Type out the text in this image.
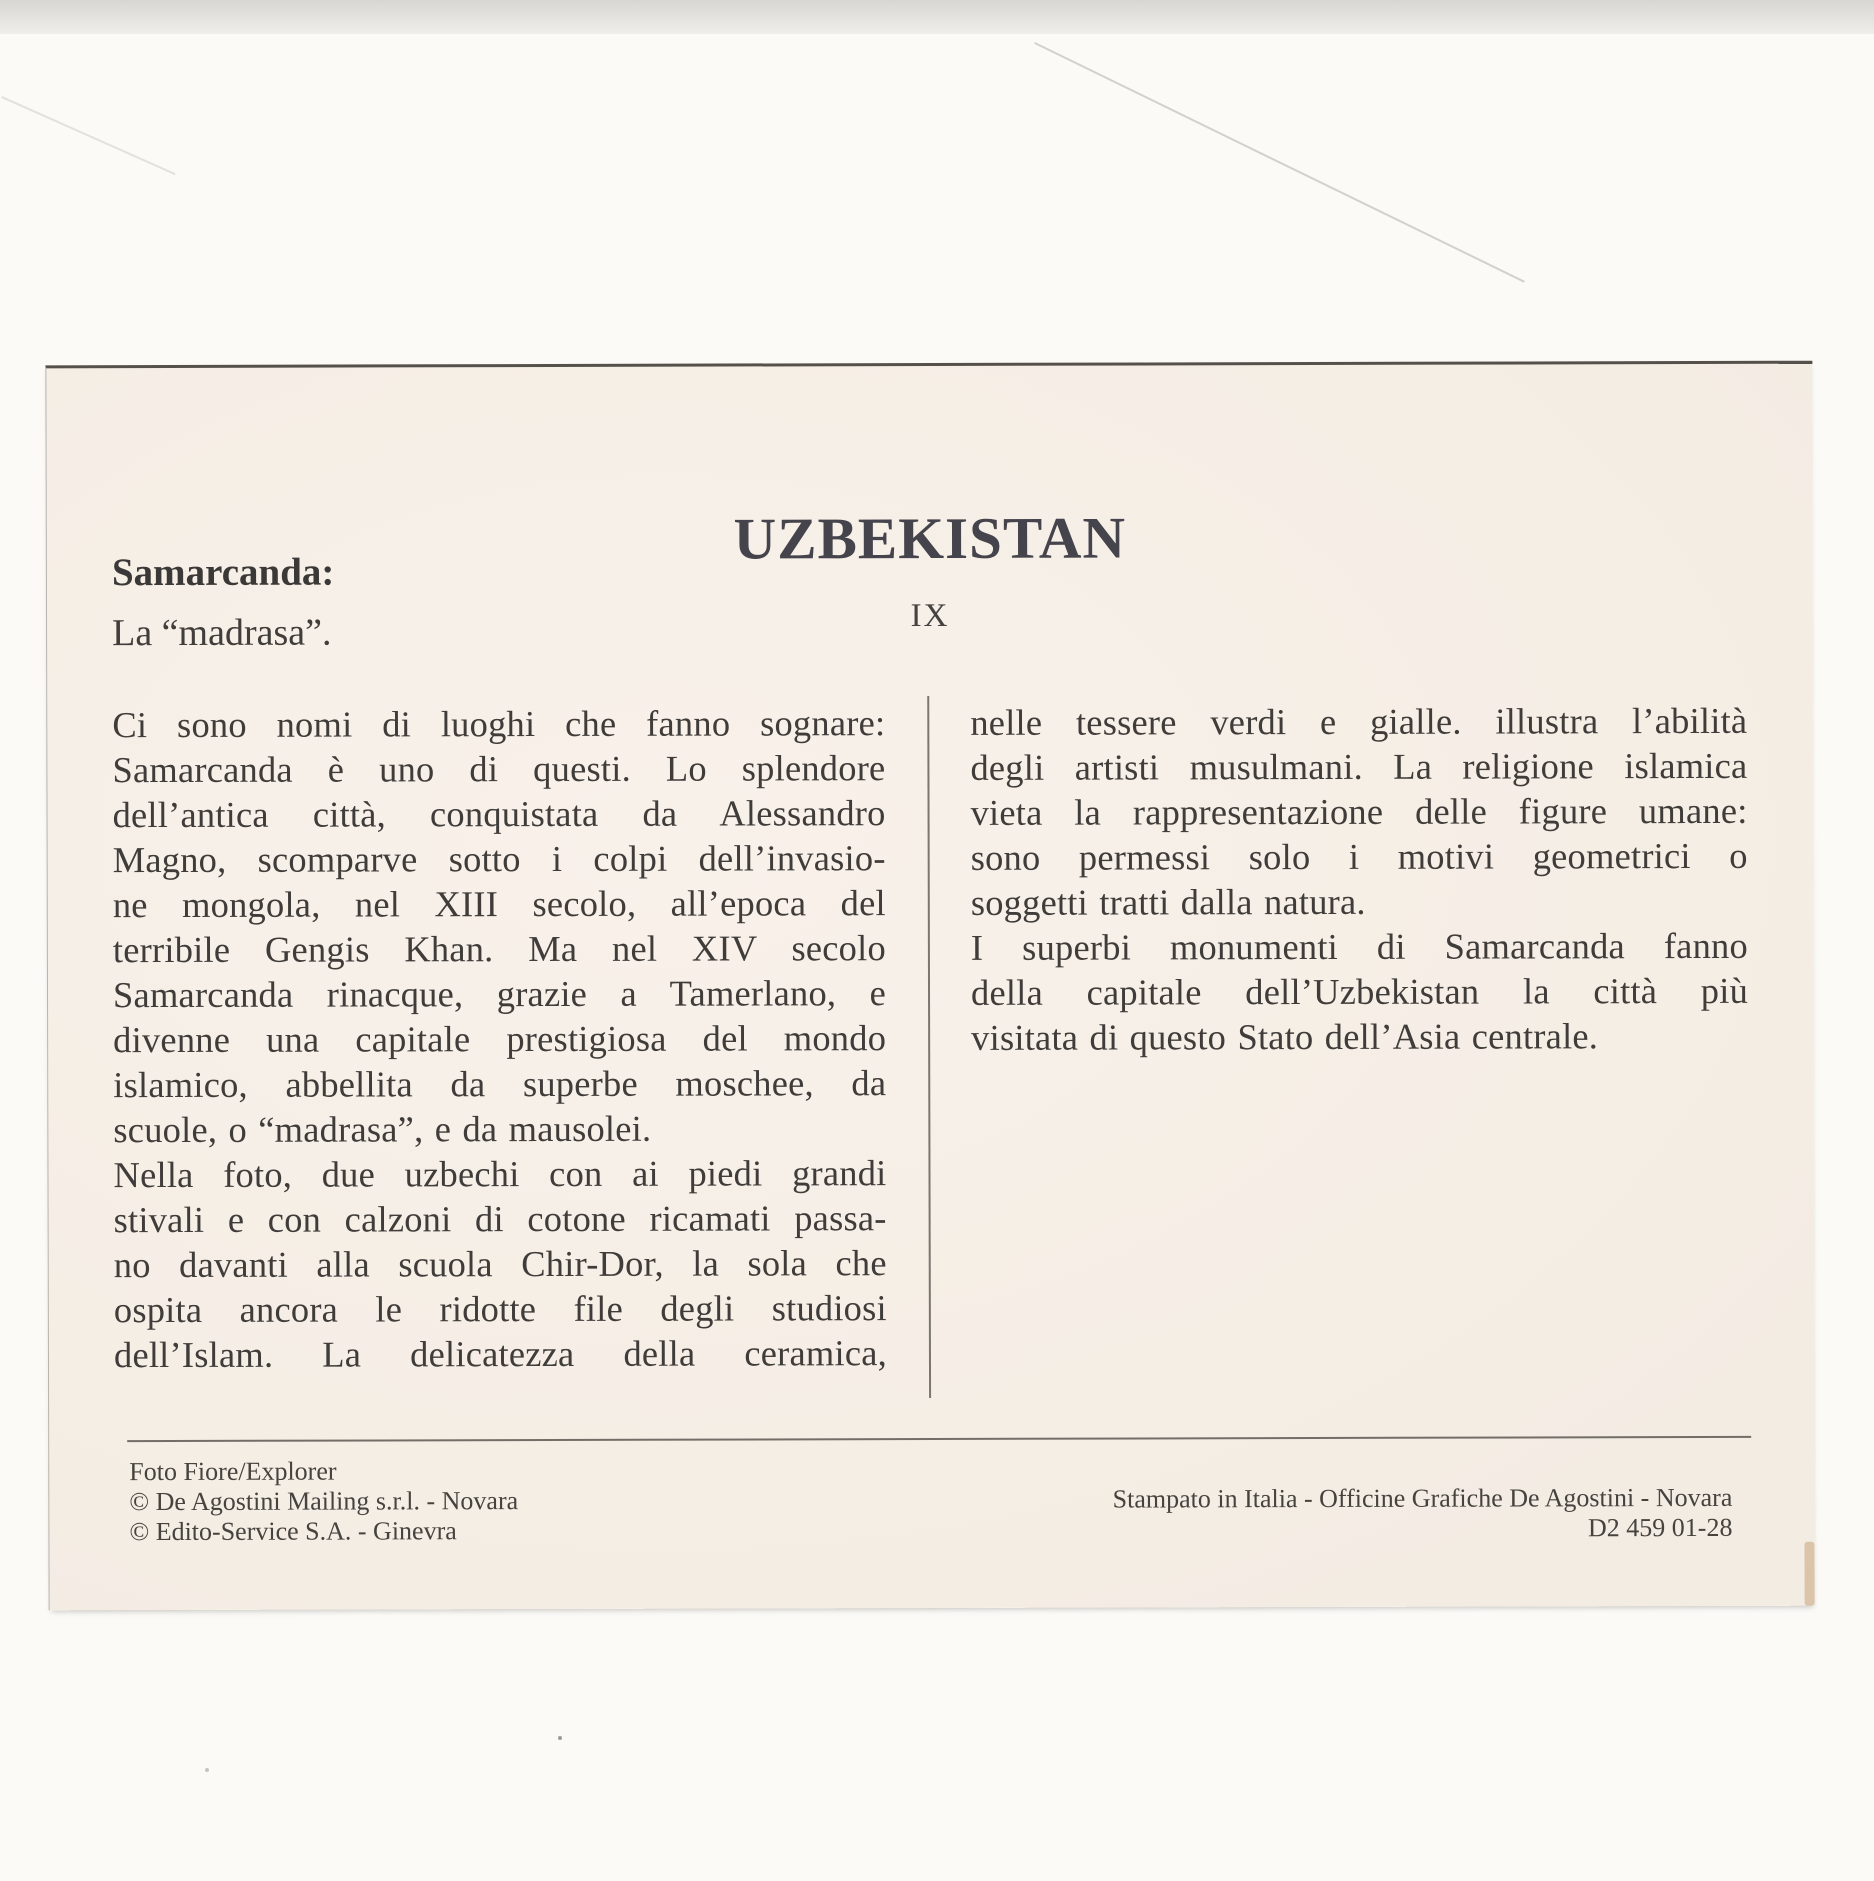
UZBEKISTAN
IX
Samarcanda:
La “madrasa”.
Ci sono nomi di luoghi che fanno sognare:
Samarcanda è uno di questi. Lo splendore
dell’antica città, conquistata da Alessandro
Magno, scomparve sotto i colpi dell’invasio-
ne mongola, nel XIII secolo, all’epoca del
terribile Gengis Khan. Ma nel XIV secolo
Samarcanda rinacque, grazie a Tamerlano, e
divenne una capitale prestigiosa del mondo
islamico, abbellita da superbe moschee, da
scuole, o “madrasa”, e da mausolei.
Nella foto, due uzbechi con ai piedi grandi
stivali e con calzoni di cotone ricamati passa-
no davanti alla scuola Chir-Dor, la sola che
ospita ancora le ridotte file degli studiosi
dell’Islam. La delicatezza della ceramica,
nelle tessere verdi e gialle. illustra l’abilità
degli artisti musulmani. La religione islamica
vieta la rappresentazione delle figure umane:
sono permessi solo i motivi geometrici o
soggetti tratti dalla natura.
I superbi monumenti di Samarcanda fanno
della capitale dell’Uzbekistan la città più
visitata di questo Stato dell’Asia centrale.
Foto Fiore/Explorer
© De Agostini Mailing s.r.l. - Novara
© Edito-Service S.A. - Ginevra
Stampato in Italia - Officine Grafiche De Agostini - Novara
D2 459 01-28
